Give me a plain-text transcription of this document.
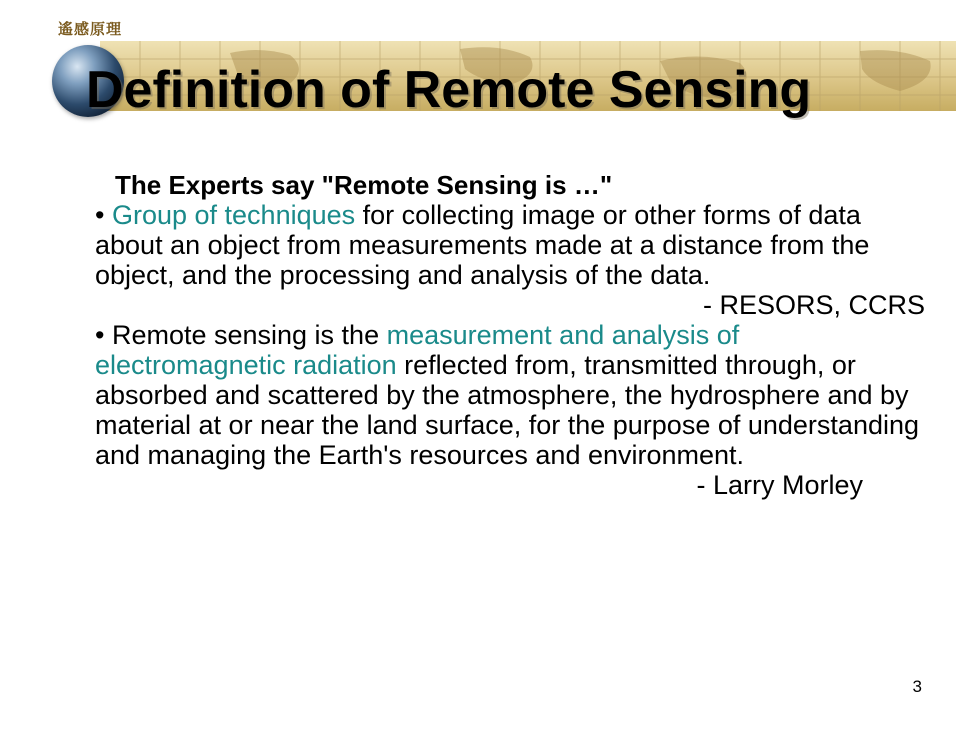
遙感原理
Definition of Remote Sensing
The Experts say "Remote Sensing is …"

• Group of techniques for collecting image or other forms of data about an object from measurements made at a distance from the object, and the processing and analysis of the data.

- RESORS, CCRS

• Remote sensing is the measurement and analysis of electromagnetic radiation reflected from, transmitted through, or absorbed and scattered by the atmosphere, the hydrosphere and by material at or near the land surface, for the purpose of understanding and managing the Earth's resources and environment.

- Larry Morley
3
